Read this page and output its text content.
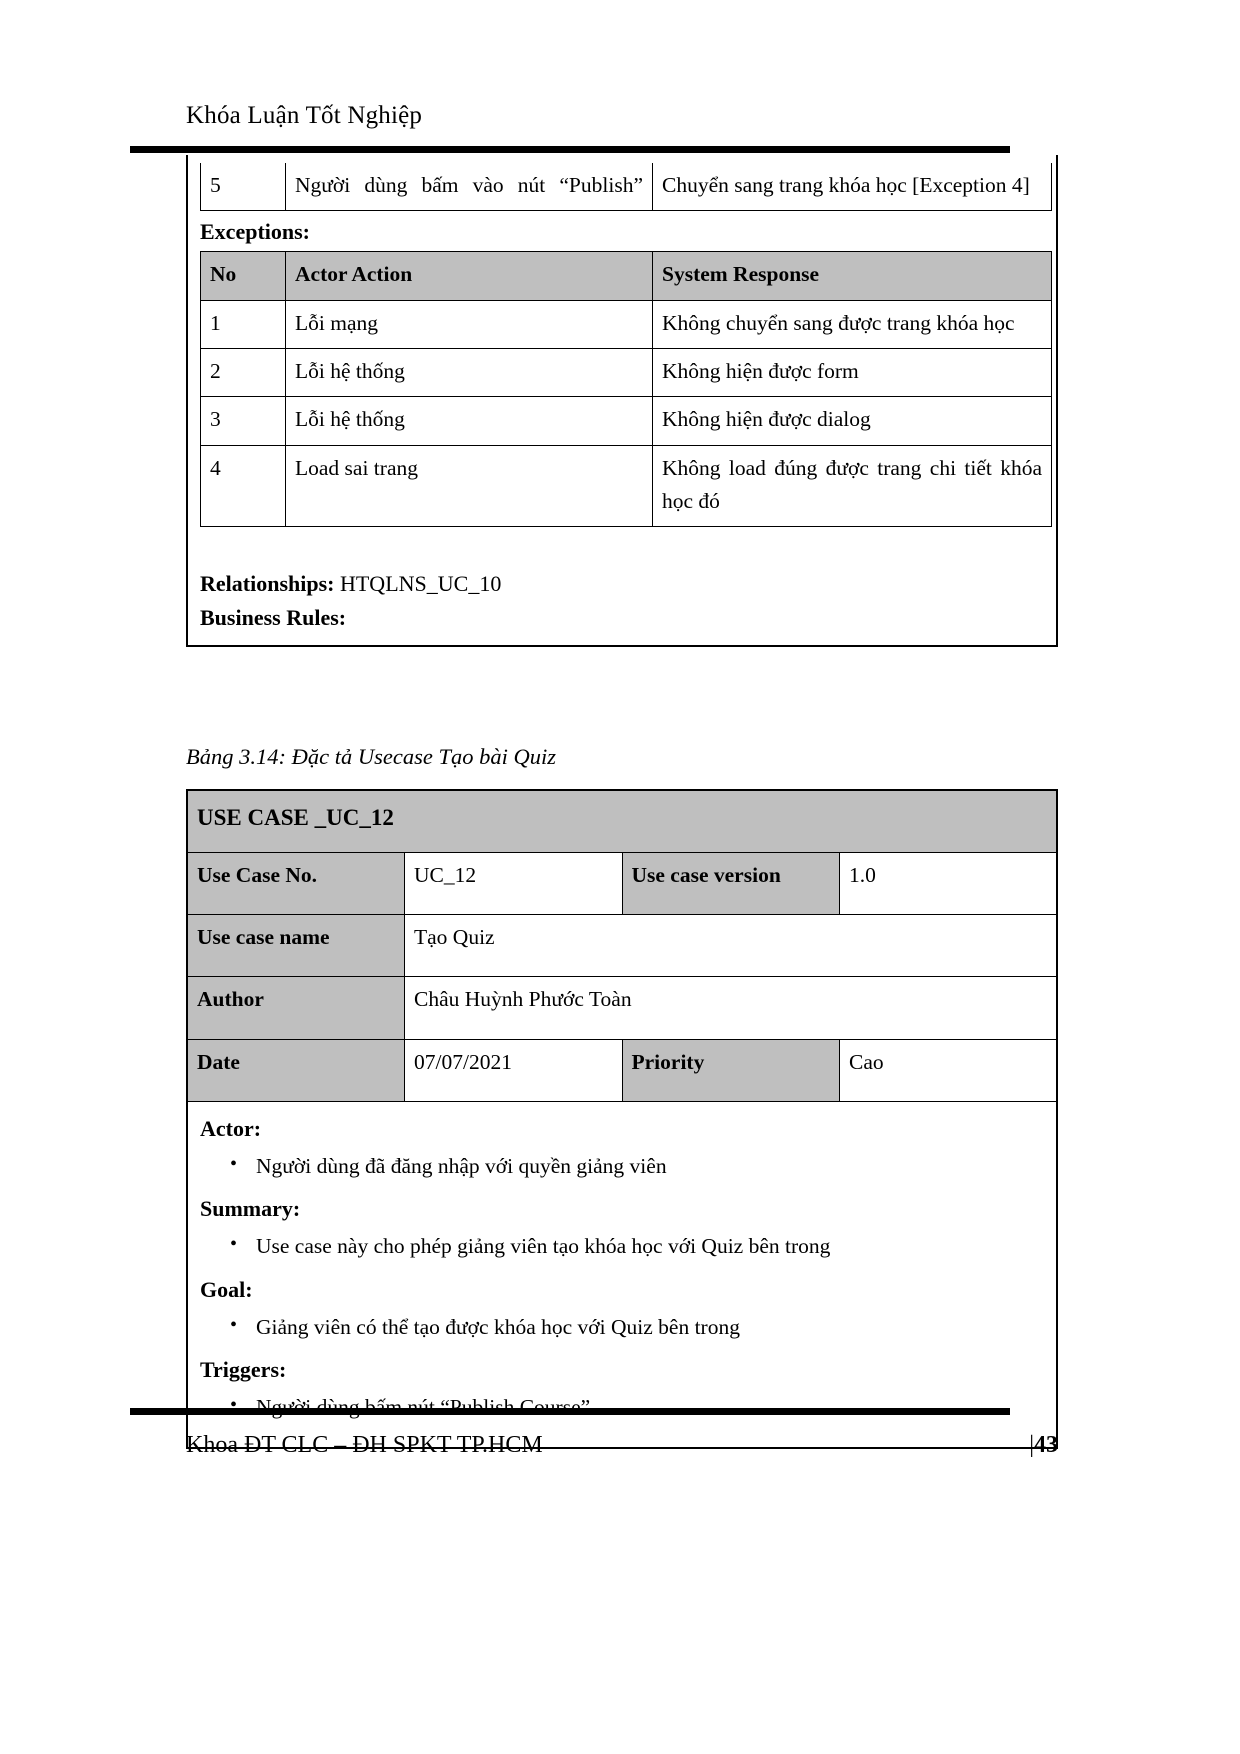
Khóa Luận Tốt Nghiệp
5	Người dùng bấm vào nút “Publish”	Chuyển sang trang khóa học [Exception 4]
Exceptions:
No	Actor Action	System Response
1	Lỗi mạng	Không chuyển sang được trang khóa học
2	Lỗi hệ thống	Không hiện được form
3	Lỗi hệ thống	Không hiện được dialog
4	Load sai trang	Không load đúng được trang chi tiết khóa học đó
Relationships: HTQLNS_UC_10
Business Rules:
Bảng 3.14: Đặc tả Usecase Tạo bài Quiz
USE CASE _UC_12			
Use Case No.	UC_12	Use case version	1.0
Use case name	Tạo Quiz		
Author	Châu Huỳnh Phước Toàn		
Date	07/07/2021	Priority	Cao

Actor:
• Người dùng đã đăng nhập với quyền giảng viên
Summary:
• Use case này cho phép giảng viên tạo khóa học với Quiz bên trong
Goal:
• Giảng viên có thể tạo được khóa học với Quiz bên trong
Triggers:
•
Khoa ĐT CLC – ĐH SPKT TP.HCM	|43
